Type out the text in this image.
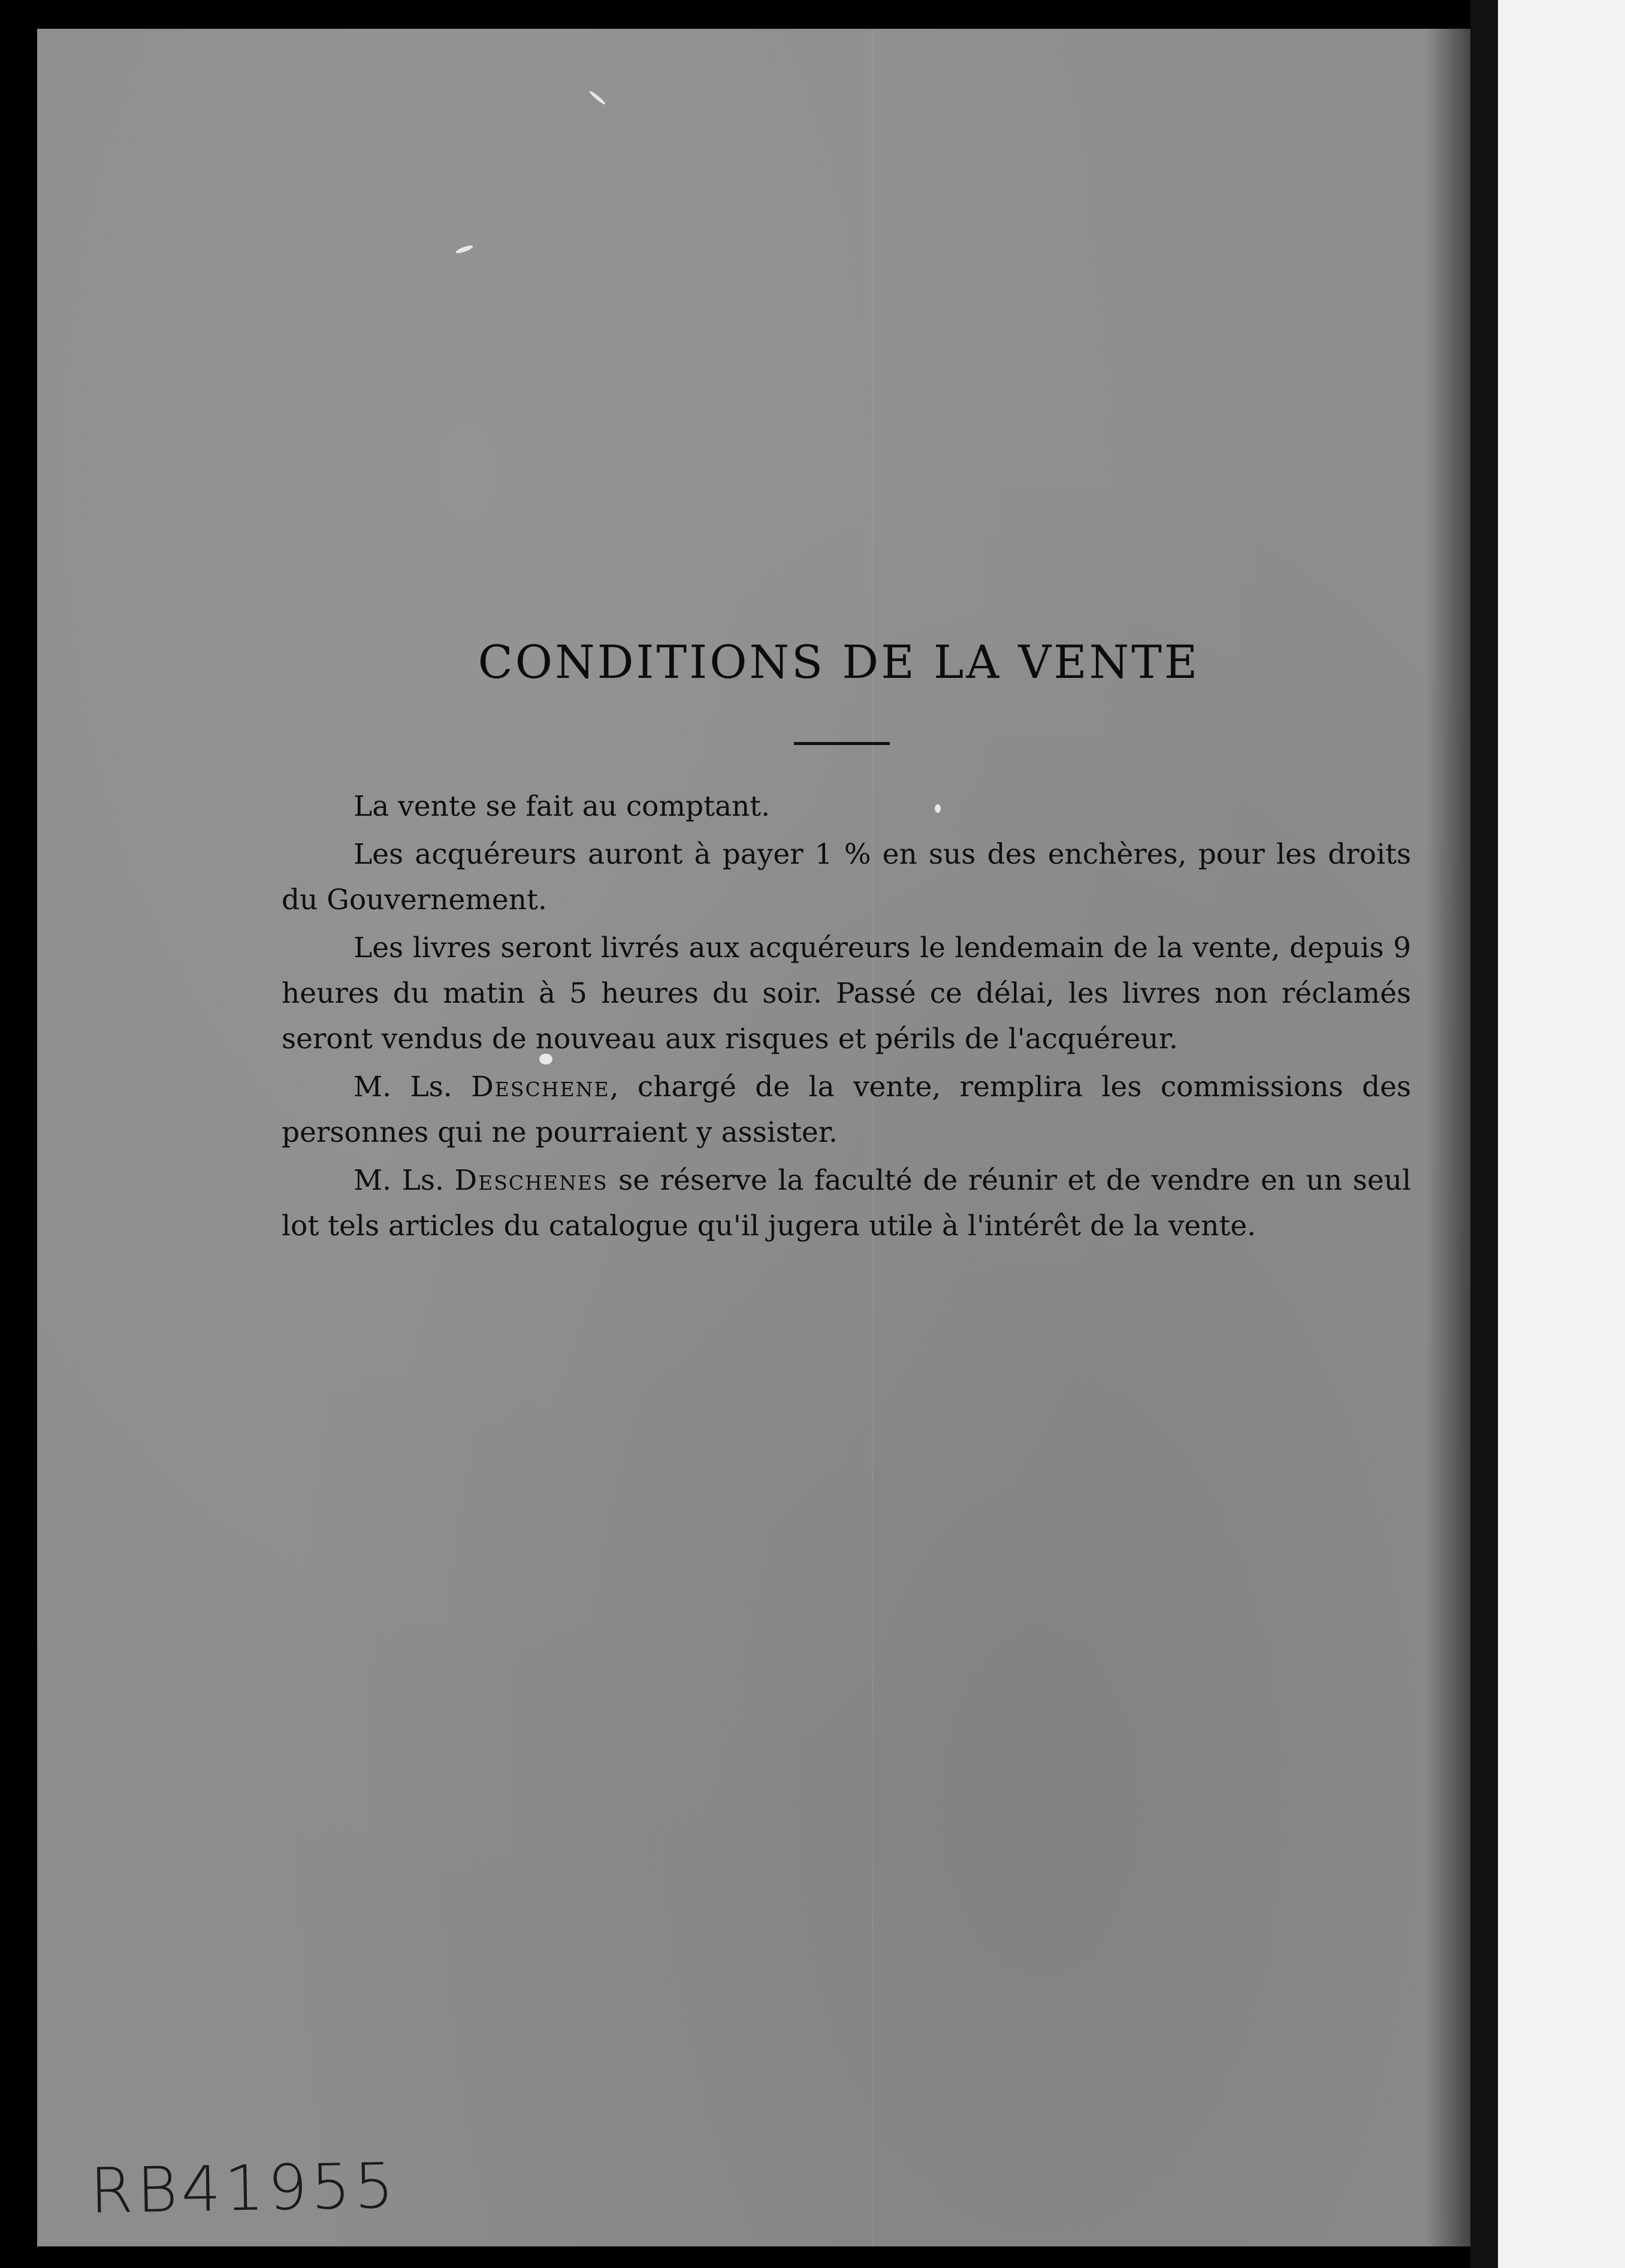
CONDITIONS DE LA VENTE

La vente se fait au comptant.

Les acquéreurs auront à payer 1 % en sus des enchères, pour les droits du Gouvernement.

Les livres seront livrés aux acquéreurs le lendemain de la vente, depuis 9 heures du matin à 5 heures du soir. Passé ce délai, les livres non réclamés seront vendus de nouveau aux risques et périls de l'acquéreur.

M. Ls. Deschene, chargé de la vente, remplira les commissions des personnes qui ne pourraient y assister.

M. Ls. Deschenes se réserve la faculté de réunir et de vendre en un seul lot tels articles du catalogue qu'il jugera utile à l'intérêt de la vente.

RB41955
